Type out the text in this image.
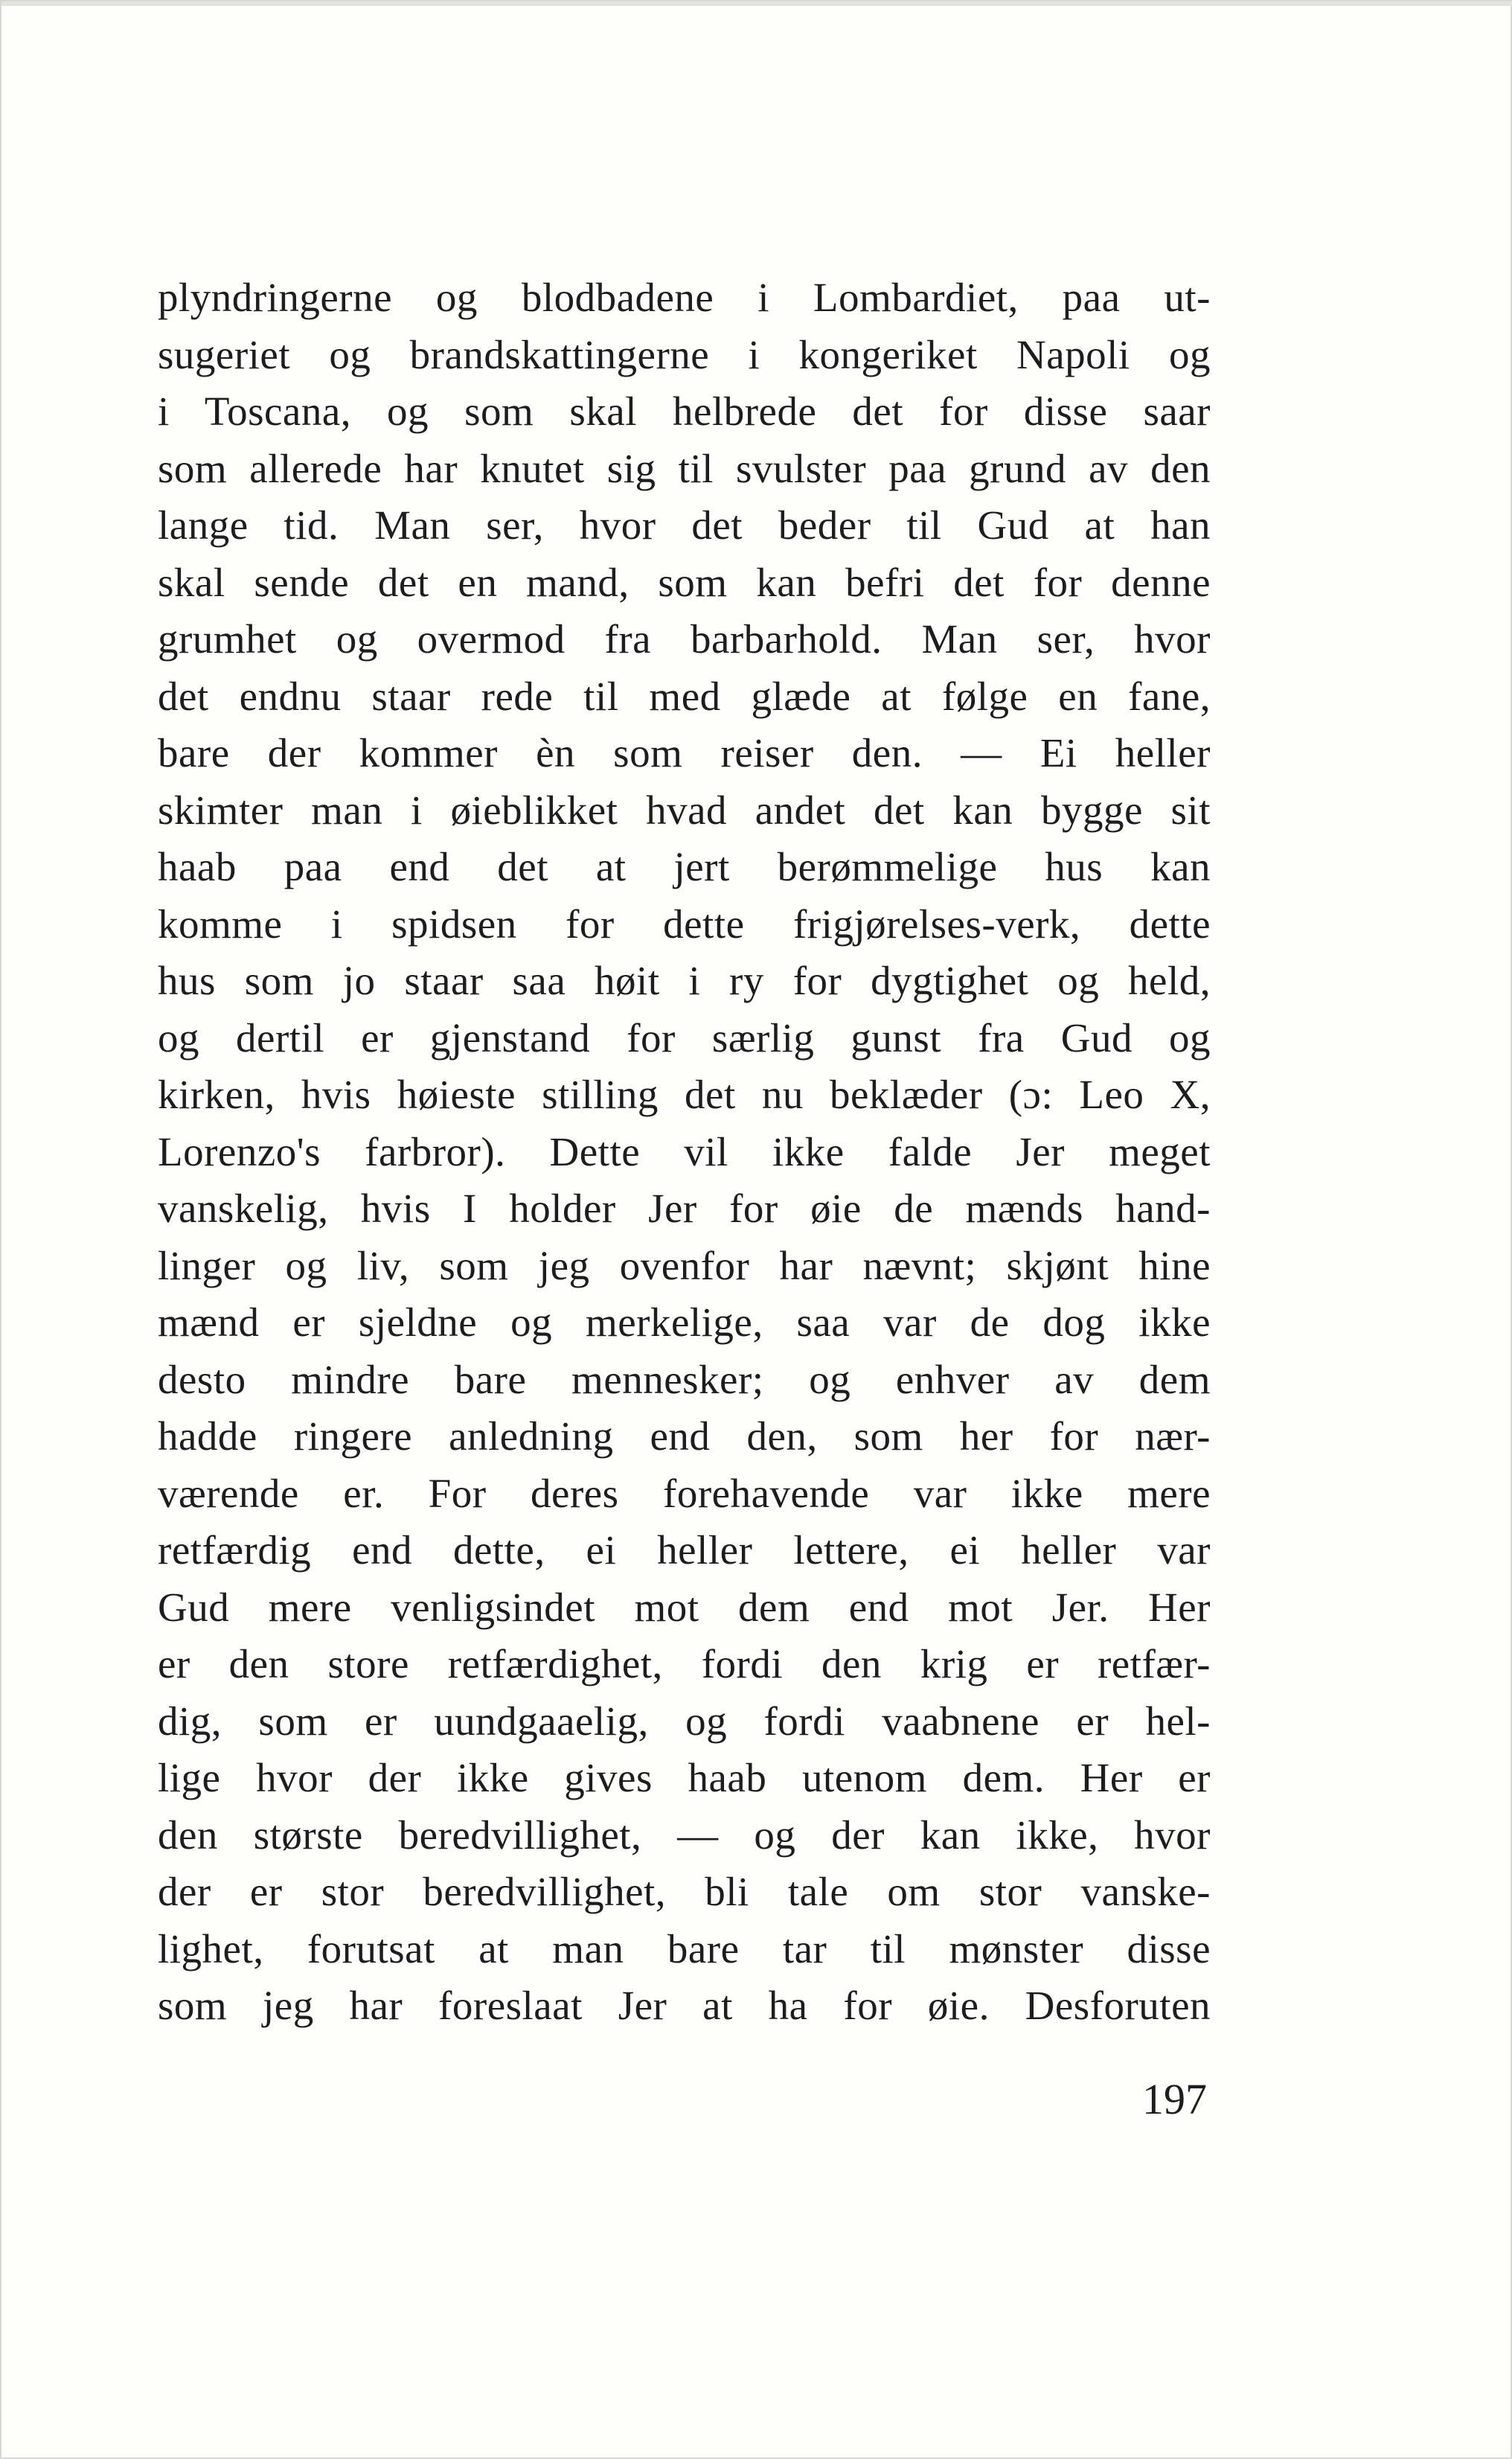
plyndringerne og blodbadene i Lombardiet, paa ut-
sugeriet og brandskattingerne i kongeriket Napoli og
i Toscana, og som skal helbrede det for disse saar
som allerede har knutet sig til svulster paa grund av den
lange tid. Man ser, hvor det beder til Gud at han
skal sende det en mand, som kan befri det for denne
grumhet og overmod fra barbarhold. Man ser, hvor
det endnu staar rede til med glæde at følge en fane,
bare der kommer èn som reiser den. — Ei heller
skimter man i øieblikket hvad andet det kan bygge sit
haab paa end det at jert berømmelige hus kan
komme i spidsen for dette frigjørelses-verk, dette
hus som jo staar saa høit i ry for dygtighet og held,
og dertil er gjenstand for særlig gunst fra Gud og
kirken, hvis høieste stilling det nu beklæder (ɔ: Leo X,
Lorenzo's farbror). Dette vil ikke falde Jer meget
vanskelig, hvis I holder Jer for øie de mænds hand-
linger og liv, som jeg ovenfor har nævnt; skjønt hine
mænd er sjeldne og merkelige, saa var de dog ikke
desto mindre bare mennesker; og enhver av dem
hadde ringere anledning end den, som her for nær-
værende er. For deres forehavende var ikke mere
retfærdig end dette, ei heller lettere, ei heller var
Gud mere venligsindet mot dem end mot Jer. Her
er den store retfærdighet, fordi den krig er retfær-
dig, som er uundgaaelig, og fordi vaabnene er hel-
lige hvor der ikke gives haab utenom dem. Her er
den største beredvillighet, — og der kan ikke, hvor
der er stor beredvillighet, bli tale om stor vanske-
lighet, forutsat at man bare tar til mønster disse
som jeg har foreslaat Jer at ha for øie. Desforuten
197
